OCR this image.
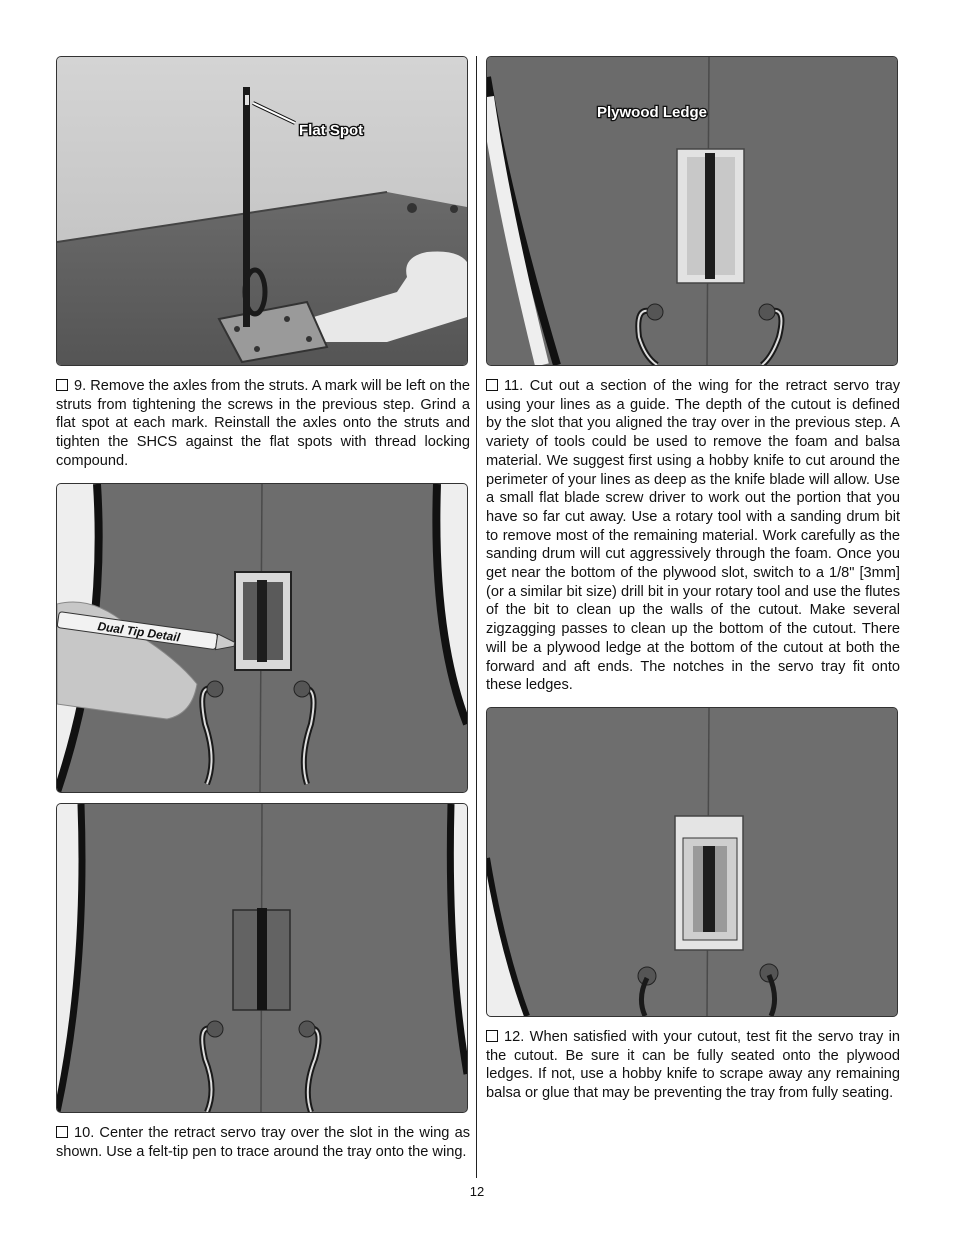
Flat Spot
Plywood Ledge

9. Remove the axles from the struts. A mark will be left on the struts from tightening the screws in the previous step. Grind a flat spot at each mark. Reinstall the axles onto the struts and tighten the SHCS against the flat spots with thread locking compound.

11. Cut out a section of the wing for the retract servo tray using your lines as a guide. The depth of the cutout is defined by the slot that you aligned the tray over in the previous step. A variety of tools could be used to remove the foam and balsa material. We suggest first using a hobby knife to cut around the perimeter of your lines as deep as the knife blade will allow. Use a small flat blade screw driver to work out the portion that you have so far cut away. Use a rotary tool with a sanding drum bit to remove most of the remaining material. Work carefully as the sanding drum will cut aggressively through the foam. Once you get near the bottom of the plywood slot, switch to a 1/8" [3mm] (or a similar bit size) drill bit in your rotary tool and use the flutes of the bit to clean up the walls of the cutout. Make several zigzagging passes to clean up the bottom of the cutout. There will be a plywood ledge at the bottom of the cutout at both the forward and aft ends. The notches in the servo tray fit onto these ledges.

Dual Tip Detail

12. When satisfied with your cutout, test fit the servo tray in the cutout. Be sure it can be fully seated onto the plywood ledges. If not, use a hobby knife to scrape away any remaining balsa or glue that may be preventing the tray from fully seating.

10. Center the retract servo tray over the slot in the wing as shown. Use a felt-tip pen to trace around the tray onto the wing.

12
